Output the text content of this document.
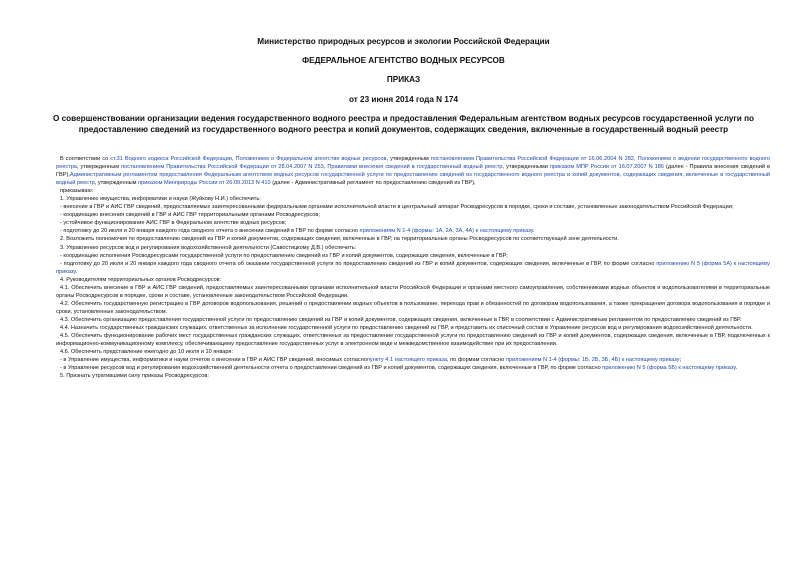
Министерство природных ресурсов и экологии Российской Федерации
ФЕДЕРАЛЬНОЕ АГЕНТСТВО ВОДНЫХ РЕСУРСОВ
ПРИКАЗ
от 23 июня 2014 года N 174
О совершенствовании организации ведения государственного водного реестра и предоставления Федеральным агентством водных ресурсов государственной услуги по предоставлению сведений из государственного водного реестра и копий документов, содержащих сведения, включенные в государственный водный реестр

В соответствии со ст.31 Водного кодекса Российской Федерации, Положением о Федеральном агентстве водных ресурсов, утвержденным постановлением Правительства Российской Федерации от 16.06.2004 N 282, Положением о ведении государственного водного реестра, утвержденным постановлением Правительства Российской Федерации от 28.04.2007 N 253, Правилами внесения сведений в государственный водный реестр, утвержденными приказом МПР России от 16.07.2007 N 186 (далее - Правила внесения сведений в ГВР),Административным регламентом предоставления Федеральным агентством водных ресурсов государственной услуги по предоставлению сведений из государственного водного реестра и копий документов, содержащих сведения, включенные в государственный водный реестр, утвержденным приказом Минприроды России от 26.09.2013 N 410 (далее - Административный регламент по предоставлению сведений из ГВР),

приказываю:

1. Управлению имущества, информатики и науки (Жуйкову Н.И.) обеспечить:

- внесение в ГВР и АИС ГВР сведений, предоставляемых заинтересованными федеральными органами исполнительной власти в центральный аппарат Росводресурсов в порядке, сроки и составе, установленные законодательством Российской Федерации;

- координацию внесения сведений в ГВР и АИС ГВР территориальными органами Росводресурсов;

- устойчивое функционирование АИС ГВР в Федеральном агентстве водных ресурсов;

- подготовку до 20 июля и 20 января каждого года сводного отчета о внесении сведений в ГВР по форме согласно приложениям N 1-4 (формы: 1А, 2А, 3А, 4А) к настоящему приказу.

2. Возложить полномочия по предоставлению сведений из ГВР и копий документов, содержащих сведения, включенные в ГВР, на территориальные органы Росводресурсов по соответствующей зоне деятельности.

3. Управлению ресурсов вод и регулирования водохозяйственной деятельности (Савостицкому Д.В.) обеспечить:

- координацию исполнения Росводресурсами государственной услуги по предоставлению сведений из ГВР и копий документов, содержащих сведения, включенные в ГВР;

- подготовку до 20 июля и 20 января каждого года сводного отчета об оказании государственной услуги по предоставлению сведений из ГВР и копий документов, содержащих сведения, включенные в ГВР, по форме согласно приложению N 5 (форма 5А) к настоящему приказу.

4. Руководителям территориальных органов Росводресурсов:

4.1. Обеспечить внесение в ГВР и АИС ГВР сведений, предоставляемых заинтересованными органами исполнительной власти Российской Федерации и органами местного самоуправления, собственниками водных объектов и водопользователями в территориальные органы Росводресурсов в порядке, сроки и составе, установленные законодательством Российской Федерации.

4.2. Обеспечить государственную регистрацию в ГВР договоров водопользования, решений о предоставлении водных объектов в пользование, перехода прав и обязанностей по договорам водопользования, а также прекращения договора водопользования в порядке и сроки, установленные законодательством.

4.3. Обеспечить организацию предоставления государственной услуги по предоставлению сведений из ГВР и копий документов, содержащих сведения, включенные в ГВР, в соответствии с Административным регламентом по предоставлению сведений из ГВР.

4.4. Назначить государственных гражданских служащих, ответственных за исполнение государственной услуги по предоставлению сведений из ГВР, и представить их списочный состав в Управление ресурсов вод и регулирования водохозяйственной деятельности.

4.5. Обеспечить функционирование рабочих мест государственных гражданских служащих, ответственных за предоставление государственной услуги по предоставлению сведений из ГВР и копий документов, содержащих сведения, включенные в ГВР, подключенных к информационно-коммуникационному комплексу, обеспечивающему предоставление государственных услуг в электронном виде и межведомственное взаимодействие при их предоставлении.

4.6. Обеспечить представление ежегодно до 10 июля и 10 января:

- в Управление имущества, информатики и науки отчетов о внесении в ГВР и АИС ГВР сведений, вносимых согласнопункту 4.1 настоящего приказа, по формам согласно приложениям N 1-4 (формы: 1Б, 2Б, 3Б, 4Б) к настоящему приказу;

- в Управление ресурсов вод и регулирования водохозяйственной деятельности отчета о предоставлении сведений из ГВР и копий документов, содержащих сведения, включенные в ГВР, по форме согласно приложению N 5 (форма 5Б) к настоящему приказу.

5. Признать утратившими силу приказы Росводресурсов:
